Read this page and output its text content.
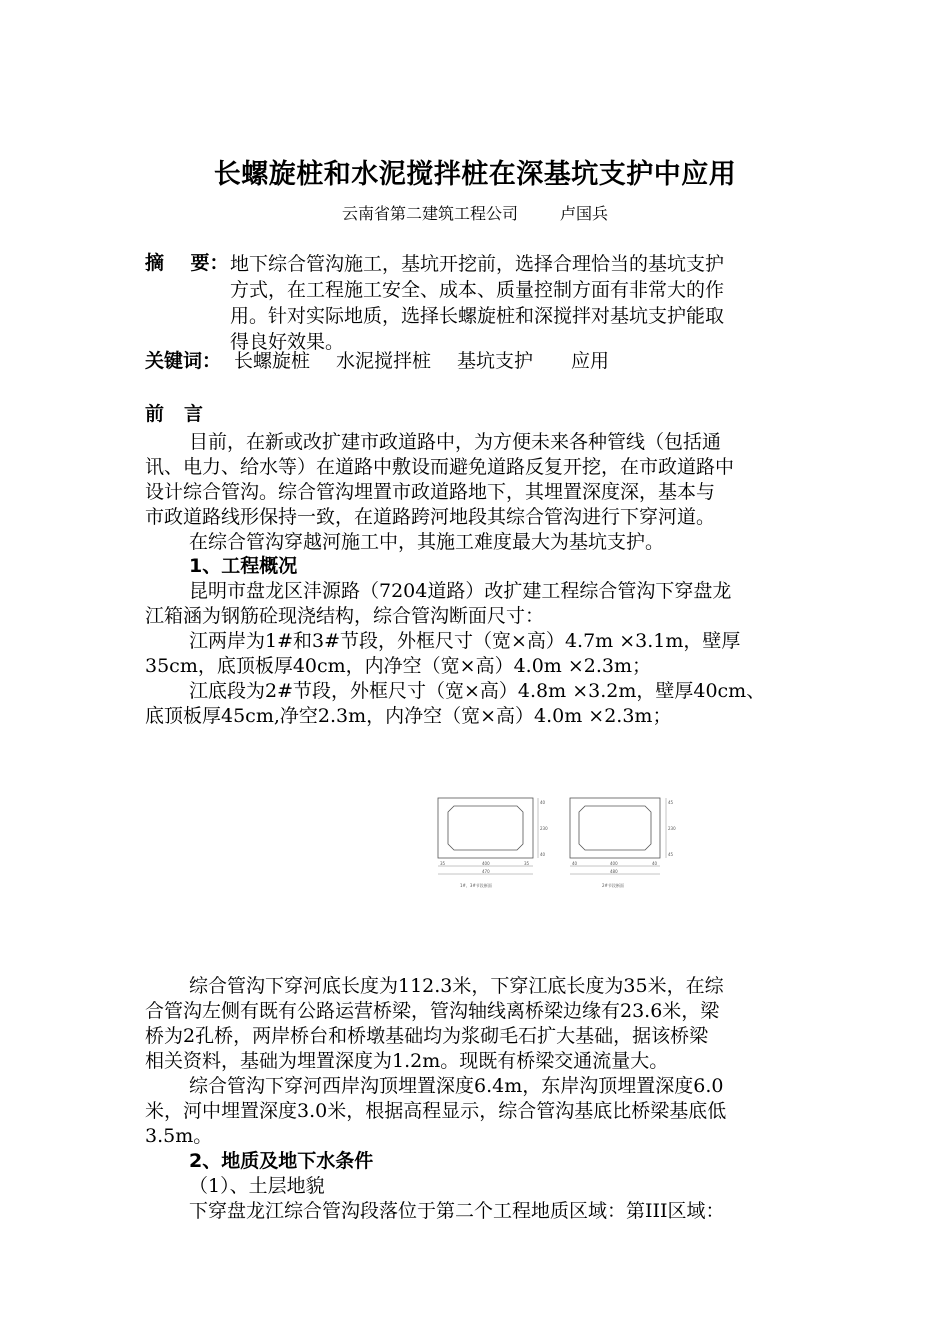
长螺旋桩和水泥搅拌桩在深基坑支护中应用
云南省第二建筑工程公司	卢国兵
摘    要： 地下综合管沟施工，基坑开挖前，选择合理恰当的基坑支护
方式，在工程施工安全、成本、质量控制方面有非常大的作
用。针对实际地质，选择长螺旋桩和深搅拌对基坑支护能取
得良好效果。
关键词： 长螺旋桩 水泥搅拌桩 基坑支护 应用
前言
目前，在新或改扩建市政道路中，为方便未来各种管线（包括通
讯、电力、给水等）在道路中敷设而避免道路反复开挖，在市政道路中
设计综合管沟。综合管沟埋置市政道路地下，其埋置深度深，基本与
市政道路线形保持一致，在道路跨河地段其综合管沟进行下穿河道。
在综合管沟穿越河施工中，其施工难度最大为基坑支护。
1、工程概况
昆明市盘龙区沣源路（7204道路）改扩建工程综合管沟下穿盘龙
江箱涵为钢筋砼现浇结构，综合管沟断面尺寸：
江两岸为1#和3#节段，外框尺寸（宽×高）4.7m ×3.1m，壁厚
35cm，底顶板厚40cm，内净空（宽×高）4.0m ×2.3m；
江底段为2#节段，外框尺寸（宽×高）4.8m ×3.2m，壁厚40cm、
底顶板厚45cm,净空2.3m，内净空（宽×高）4.0m ×2.3m；
40
230
40
400
470
35	35
1#、3#节段断面
45
230
45
400
480
40	40
2#节段断面
综合管沟下穿河底长度为112.3米，下穿江底长度为35米，在综
合管沟左侧有既有公路运营桥梁，管沟轴线离桥梁边缘有23.6米，梁
桥为2孔桥，两岸桥台和桥墩基础均为浆砌毛石扩大基础，据该桥梁
相关资料，基础为埋置深度为1.2m。现既有桥梁交通流量大。
综合管沟下穿河西岸沟顶埋置深度6.4m，东岸沟顶埋置深度6.0
米，河中埋置深度3.0米，根据高程显示，综合管沟基底比桥梁基底低
3.5m。
2、地质及地下水条件
（1）、土层地貌
下穿盘龙江综合管沟段落位于第二个工程地质区域：第III区域：
